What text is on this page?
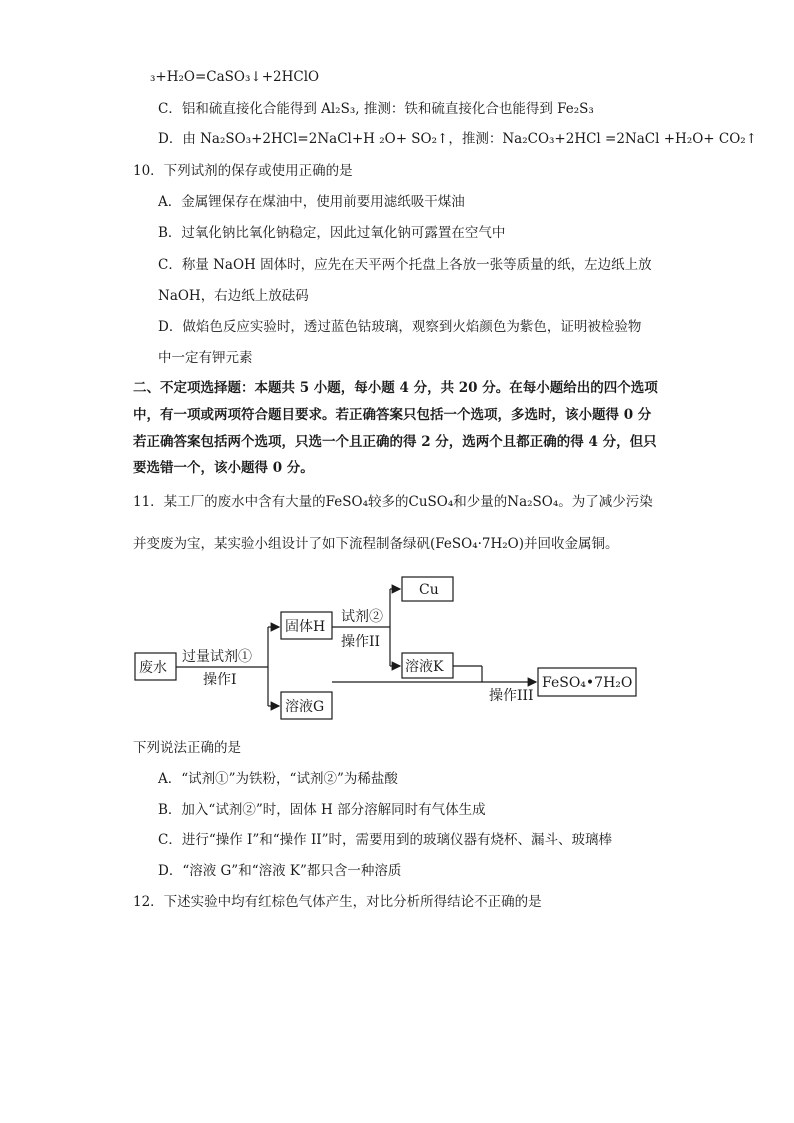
₃+H₂O=CaSO₃↓+2HClO
C．铝和硫直接化合能得到 Al₂S₃, 推测：铁和硫直接化合也能得到 Fe₂S₃
D．由 Na₂SO₃+2HCl=2NaCl+H ₂O+ SO₂↑，推测：Na₂CO₃+2HCl =2NaCl +H₂O+ CO₂↑
10．下列试剂的保存或使用正确的是
A．金属锂保存在煤油中，使用前要用滤纸吸干煤油
B．过氧化钠比氧化钠稳定，因此过氧化钠可露置在空气中
C．称量 NaOH 固体时，应先在天平两个托盘上各放一张等质量的纸，左边纸上放
NaOH，右边纸上放砝码
D．做焰色反应实验时，透过蓝色钴玻璃，观察到火焰颜色为紫色，证明被检验物
中一定有钾元素
二、不定项选择题：本题共 5 小题，每小题 4 分，共 20 分。在每小题给出的四个选项
中，有一项或两项符合题目要求。若正确答案只包括一个选项，多选时，该小题得 0 分
若正确答案包括两个选项，只选一个且正确的得 2 分，选两个且都正确的得 4 分，但只
要选错一个，该小题得 0 分。
11．某工厂的废水中含有大量的FeSO₄较多的CuSO₄和少量的Na₂SO₄。为了减少污染
并变废为宝，某实验小组设计了如下流程制备绿矾(FeSO₄·7H₂O)并回收金属铜。
废水
过量试剂①
操作I
固体H
溶液G
试剂②
操作II
Cu
溶液K
操作III
FeSO₄•7H₂O
下列说法正确的是
A．“试剂①”为铁粉，“试剂②”为稀盐酸
B．加入“试剂②”时，固体 H 部分溶解同时有气体生成
C．进行“操作 I”和“操作 II”时，需要用到的玻璃仪器有烧杯、漏斗、玻璃棒
D．“溶液 G”和“溶液 K”都只含一种溶质
12．下述实验中均有红棕色气体产生，对比分析所得结论不正确的是
